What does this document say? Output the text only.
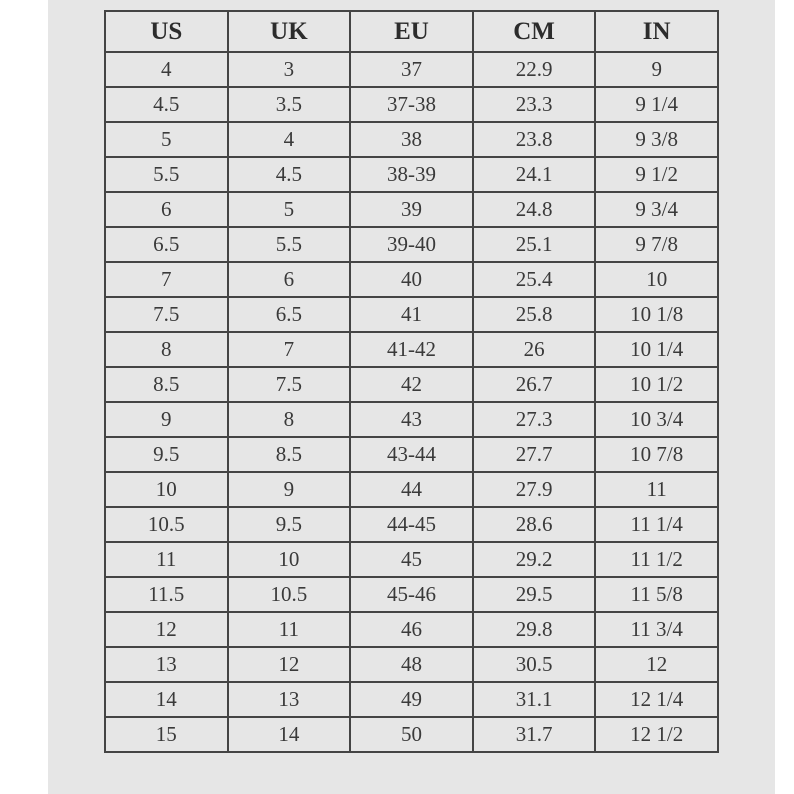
US	UK	EU	CM	IN
4	3	37	22.9	9
4.5	3.5	37-38	23.3	9 1/4
5	4	38	23.8	9 3/8
5.5	4.5	38-39	24.1	9 1/2
6	5	39	24.8	9 3/4
6.5	5.5	39-40	25.1	9 7/8
7	6	40	25.4	10
7.5	6.5	41	25.8	10 1/8
8	7	41-42	26	10 1/4
8.5	7.5	42	26.7	10 1/2
9	8	43	27.3	10 3/4
9.5	8.5	43-44	27.7	10 7/8
10	9	44	27.9	11
10.5	9.5	44-45	28.6	11 1/4
11	10	45	29.2	11 1/2
11.5	10.5	45-46	29.5	11 5/8
12	11	46	29.8	11 3/4
13	12	48	30.5	12
14	13	49	31.1	12 1/4
15	14	50	31.7	12 1/2
